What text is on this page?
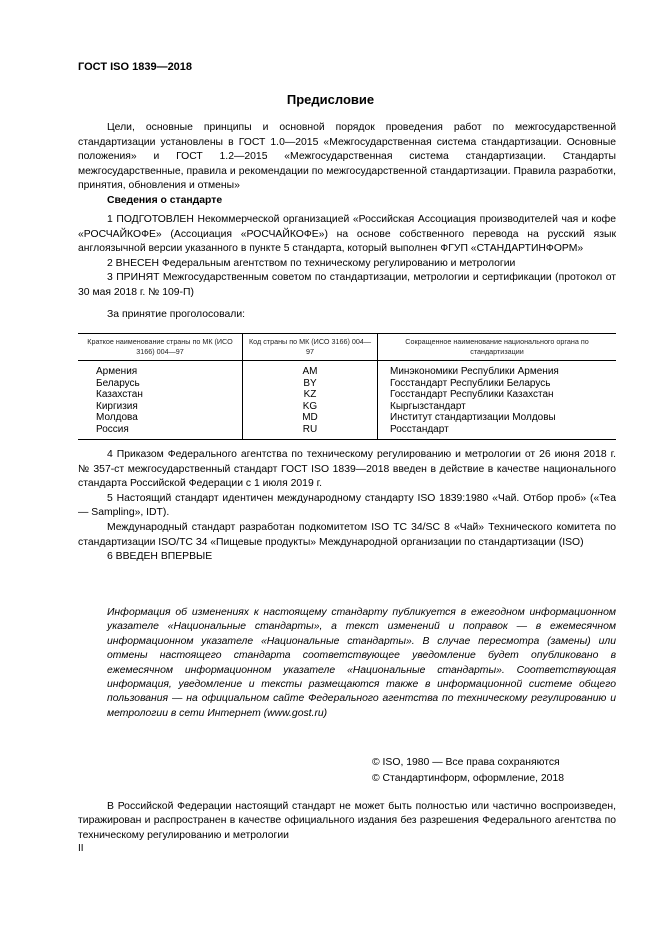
ГОСТ ISO 1839—2018
Предисловие

Цели, основные принципы и основной порядок проведения работ по межгосударственной стандартизации установлены в ГОСТ 1.0—2015 «Межгосударственная система стандартизации. Основные положения» и ГОСТ 1.2—2015 «Межгосударственная система стандартизации. Стандарты межгосударственные, правила и рекомендации по межгосударственной стандартизации. Правила разработки, принятия, обновления и отмены»

Сведения о стандарте

1 ПОДГОТОВЛЕН Некоммерческой организацией «Российская Ассоциация производителей чая и кофе «РОСЧАЙКОФЕ» (Ассоциация «РОСЧАЙКОФЕ») на основе собственного перевода на русский язык англоязычной версии указанного в пункте 5 стандарта, который выполнен ФГУП «СТАНДАРТИНФОРМ»

2 ВНЕСЕН Федеральным агентством по техническому регулированию и метрологии

3 ПРИНЯТ Межгосударственным советом по стандартизации, метрологии и сертификации (протокол от 30 мая 2018 г. № 109-П)

За принятие проголосовали:

Краткое наименование страны по МК (ИСО 3166) 004—97	Код страны по МК (ИСО 3166) 004—97	Сокращенное наименование национального органа по стандартизации
Армения	AM	Минэкономики Республики Армения
Беларусь	BY	Госстандарт Республики Беларусь
Казахстан	KZ	Госстандарт Республики Казахстан
Киргизия	KG	Кыргызстандарт
Молдова	MD	Институт стандартизации Молдовы
Россия	RU	Росстандарт

4 Приказом Федерального агентства по техническому регулированию и метрологии от 26 июня 2018 г. № 357-ст межгосударственный стандарт ГОСТ ISO 1839—2018 введен в действие в качестве национального стандарта Российской Федерации с 1 июля 2019 г.

5 Настоящий стандарт идентичен международному стандарту ISO 1839:1980 «Чай. Отбор проб» («Tea — Sampling», IDT).

Международный стандарт разработан подкомитетом ISO TC 34/SC 8 «Чай» Технического комитета по стандартизации ISO/TC 34 «Пищевые продукты» Международной организации по стандартизации (ISO)

6 ВВЕДЕН ВПЕРВЫЕ

Информация об изменениях к настоящему стандарту публикуется в ежегодном информационном указателе «Национальные стандарты», а текст изменений и поправок — в ежемесячном информационном указателе «Национальные стандарты». В случае пересмотра (замены) или отмены настоящего стандарта соответствующее уведомление будет опубликовано в ежемесячном информационном указателе «Национальные стандарты». Соответствующая информация, уведомление и тексты размещаются также в информационной системе общего пользования — на официальном сайте Федерального агентства по техническому регулированию и метрологии в сети Интернет (www.gost.ru)

© ISO, 1980 — Все права сохраняются
© Стандартинформ, оформление, 2018

В Российской Федерации настоящий стандарт не может быть полностью или частично воспроизведен, тиражирован и распространен в качестве официального издания без разрешения Федерального агентства по техническому регулированию и метрологии

II
